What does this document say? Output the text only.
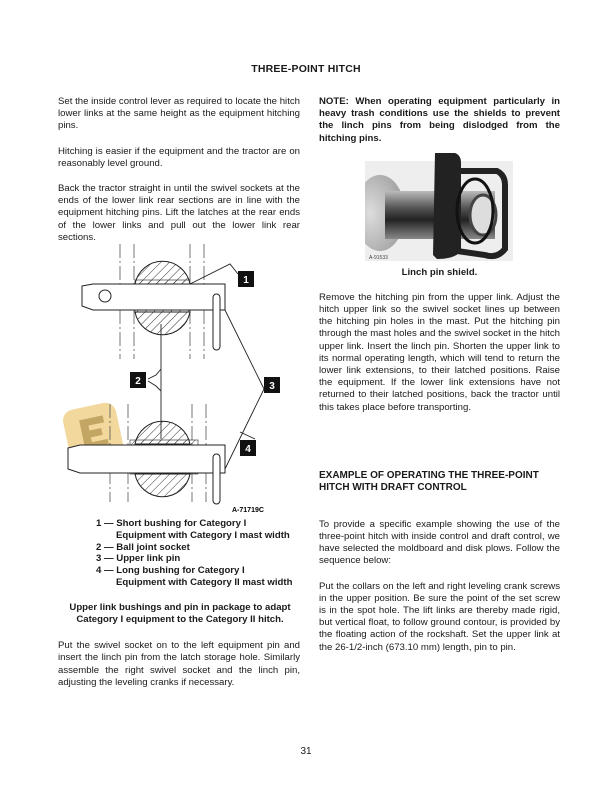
THREE-POINT HITCH

Set the inside control lever as required to locate the hitch lower links at the same height as the equipment hitching pins.

Hitching is easier if the equipment and the tractor are on reasonably level ground.

Back the tractor straight in until the swivel sockets at the ends of the lower link rear sections are in line with the equipment hitching pins. Lift the latches at the rear ends of the lower links and pull out the lower link rear sections.

1
2	3
4
A-71719C
1 — Short bushing for Category I
Equipment with Category I mast width
2 — Ball joint socket
3 — Upper link pin
4 — Long bushing for Category I
Equipment with Category II mast width

Upper link bushings and pin in package to adapt Category I equipment to the Category II hitch.

Put the swivel socket on to the left equipment pin and insert the linch pin from the latch storage hole. Similarly assemble the right swivel socket and the linch pin, adjusting the leveling cranks if necessary.

NOTE: When operating equipment particularly in heavy trash conditions use the shields to prevent the linch pins from being dislodged from the hitching pins.

A-91533
Linch pin shield.

Remove the hitching pin from the upper link. Adjust the hitch upper link so the swivel socket lines up between the hitching pin holes in the mast. Put the hitching pin through the mast holes and the swivel socket in the hitch upper link. Insert the linch pin. Shorten the upper link to its normal operating length, which will tend to return the lower link extensions, to their latched positions. Raise the equipment. If the lower link extensions have not returned to their latched positions, back the tractor until this takes place before transporting.

EXAMPLE OF OPERATING THE THREE-POINT HITCH WITH DRAFT CONTROL

To provide a specific example showing the use of the three-point hitch with inside control and draft control, we have selected the moldboard and disk plows. Follow the sequence below:

Put the collars on the left and right leveling crank screws in the upper position. Be sure the point of the set screw is in the spot hole. The lift links are thereby made rigid, but vertical float, to follow ground contour, is provided by the floating action of the rockshaft. Set the upper link at the 26-1/2-inch (673.10 mm) length, pin to pin.

31
